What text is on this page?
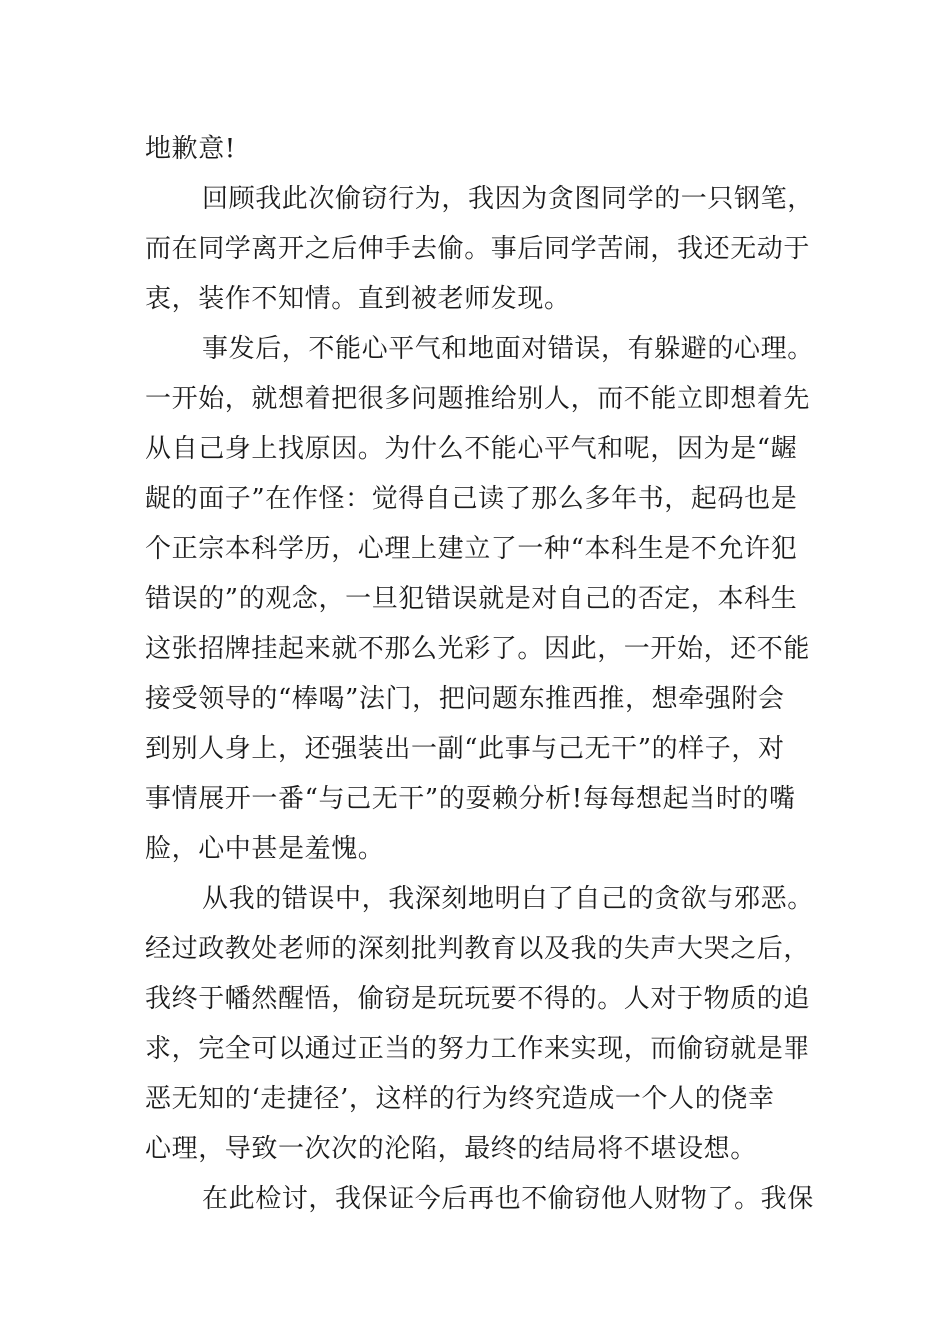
地歉意!
回顾我此次偷窃行为，我因为贪图同学的一只钢笔，
而在同学离开之后伸手去偷。事后同学苦闹，我还无动于
衷，装作不知情。直到被老师发现。
事发后，不能心平气和地面对错误，有躲避的心理。
一开始，就想着把很多问题推给别人，而不能立即想着先
从自己身上找原因。为什么不能心平气和呢，因为是“龌
龊的面子”在作怪：觉得自己读了那么多年书，起码也是
个正宗本科学历，心理上建立了一种“本科生是不允许犯
错误的”的观念，一旦犯错误就是对自己的否定，本科生
这张招牌挂起来就不那么光彩了。因此，一开始，还不能
接受领导的“棒喝”法门，把问题东推西推，想牵强附会
到别人身上，还强装出一副“此事与己无干”的样子，对
事情展开一番“与己无干”的耍赖分析!每每想起当时的嘴
脸，心中甚是羞愧。
从我的错误中，我深刻地明白了自己的贪欲与邪恶。
经过政教处老师的深刻批判教育以及我的失声大哭之后，
我终于幡然醒悟，偷窃是玩玩要不得的。人对于物质的追
求，完全可以通过正当的努力工作来实现，而偷窃就是罪
恶无知的‘走捷径’，这样的行为终究造成一个人的侥幸
心理，导致一次次的沦陷，最终的结局将不堪设想。
在此检讨，我保证今后再也不偷窃他人财物了。我保
